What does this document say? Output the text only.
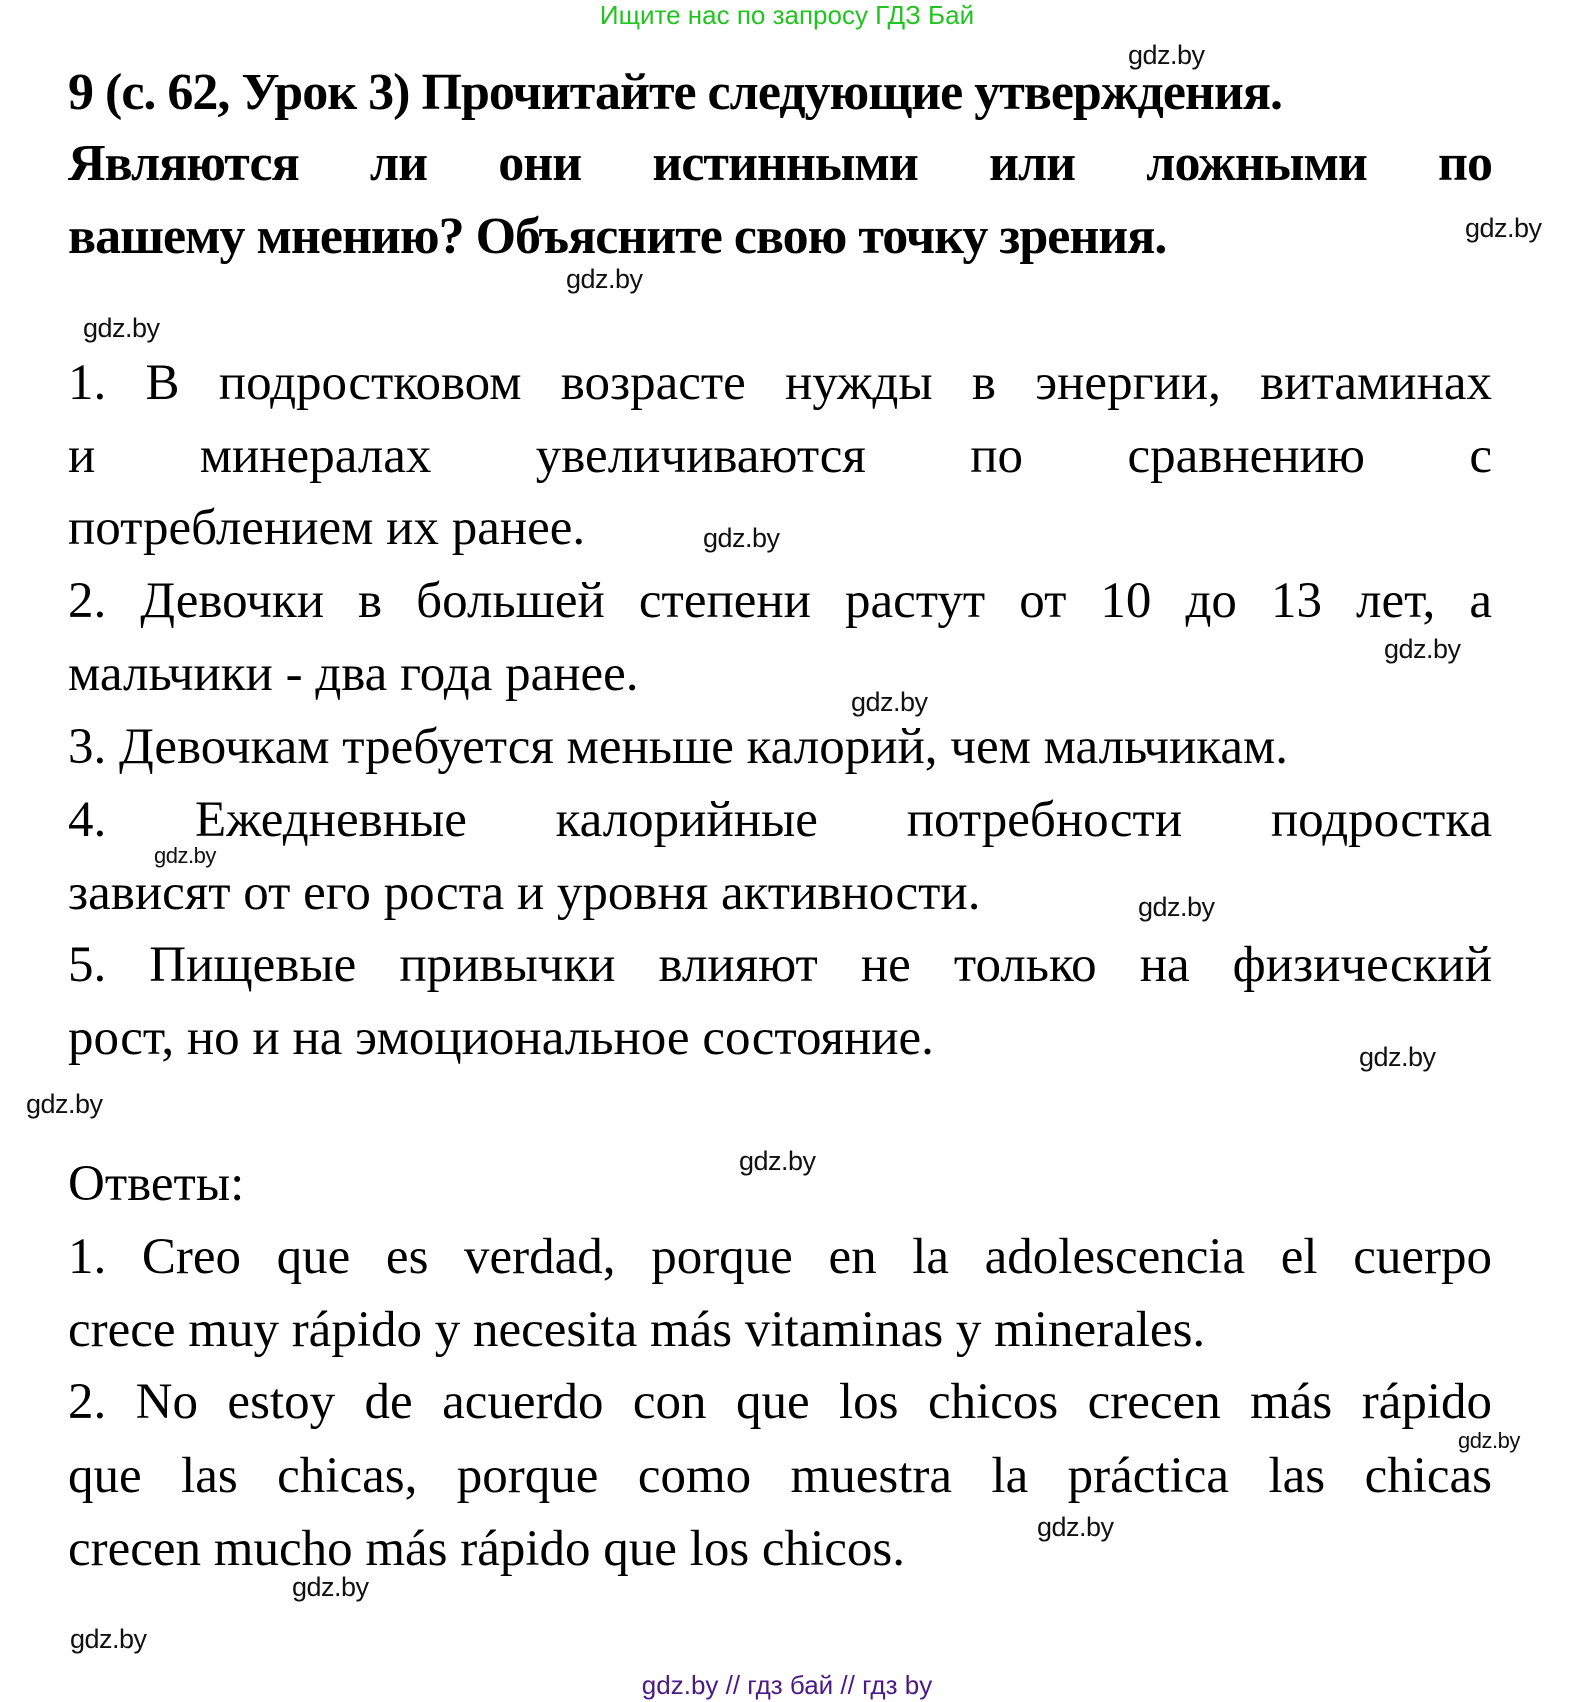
Ищите нас по запросу ГДЗ Бай
9 (с. 62, Урок 3) Прочитайте следующие утверждения.
Являются ли они истинными или ложными по
вашему мнению? Объясните свою точку зрения.
1. В подростковом возрасте нужды в энергии, витаминах
и минералах увеличиваются по сравнению с
потреблением их ранее.
2. Девочки в большей степени растут от 10 до 13 лет, а
мальчики - два года ранее.
3. Девочкам требуется меньше калорий, чем мальчикам.
4. Ежедневные калорийные потребности подростка
зависят от его роста и уровня активности.
5. Пищевые привычки влияют не только на физический
рост, но и на эмоциональное состояние.
Ответы:
1. Creo que es verdad, porque en la adolescencia el cuerpo
crece muy rápido y necesita más vitaminas y minerales.
2. No estoy de acuerdo con que los chicos crecen más rápido
que las chicas, porque como muestra la práctica las chicas
crecen mucho más rápido que los chicos.
gdz.by
gdz.by
gdz.by
gdz.by
gdz.by
gdz.by
gdz.by
gdz.by
gdz.by
gdz.by
gdz.by
gdz.by
gdz.by
gdz.by
gdz.by
gdz.by
gdz.by // гдз бай // гдз by
